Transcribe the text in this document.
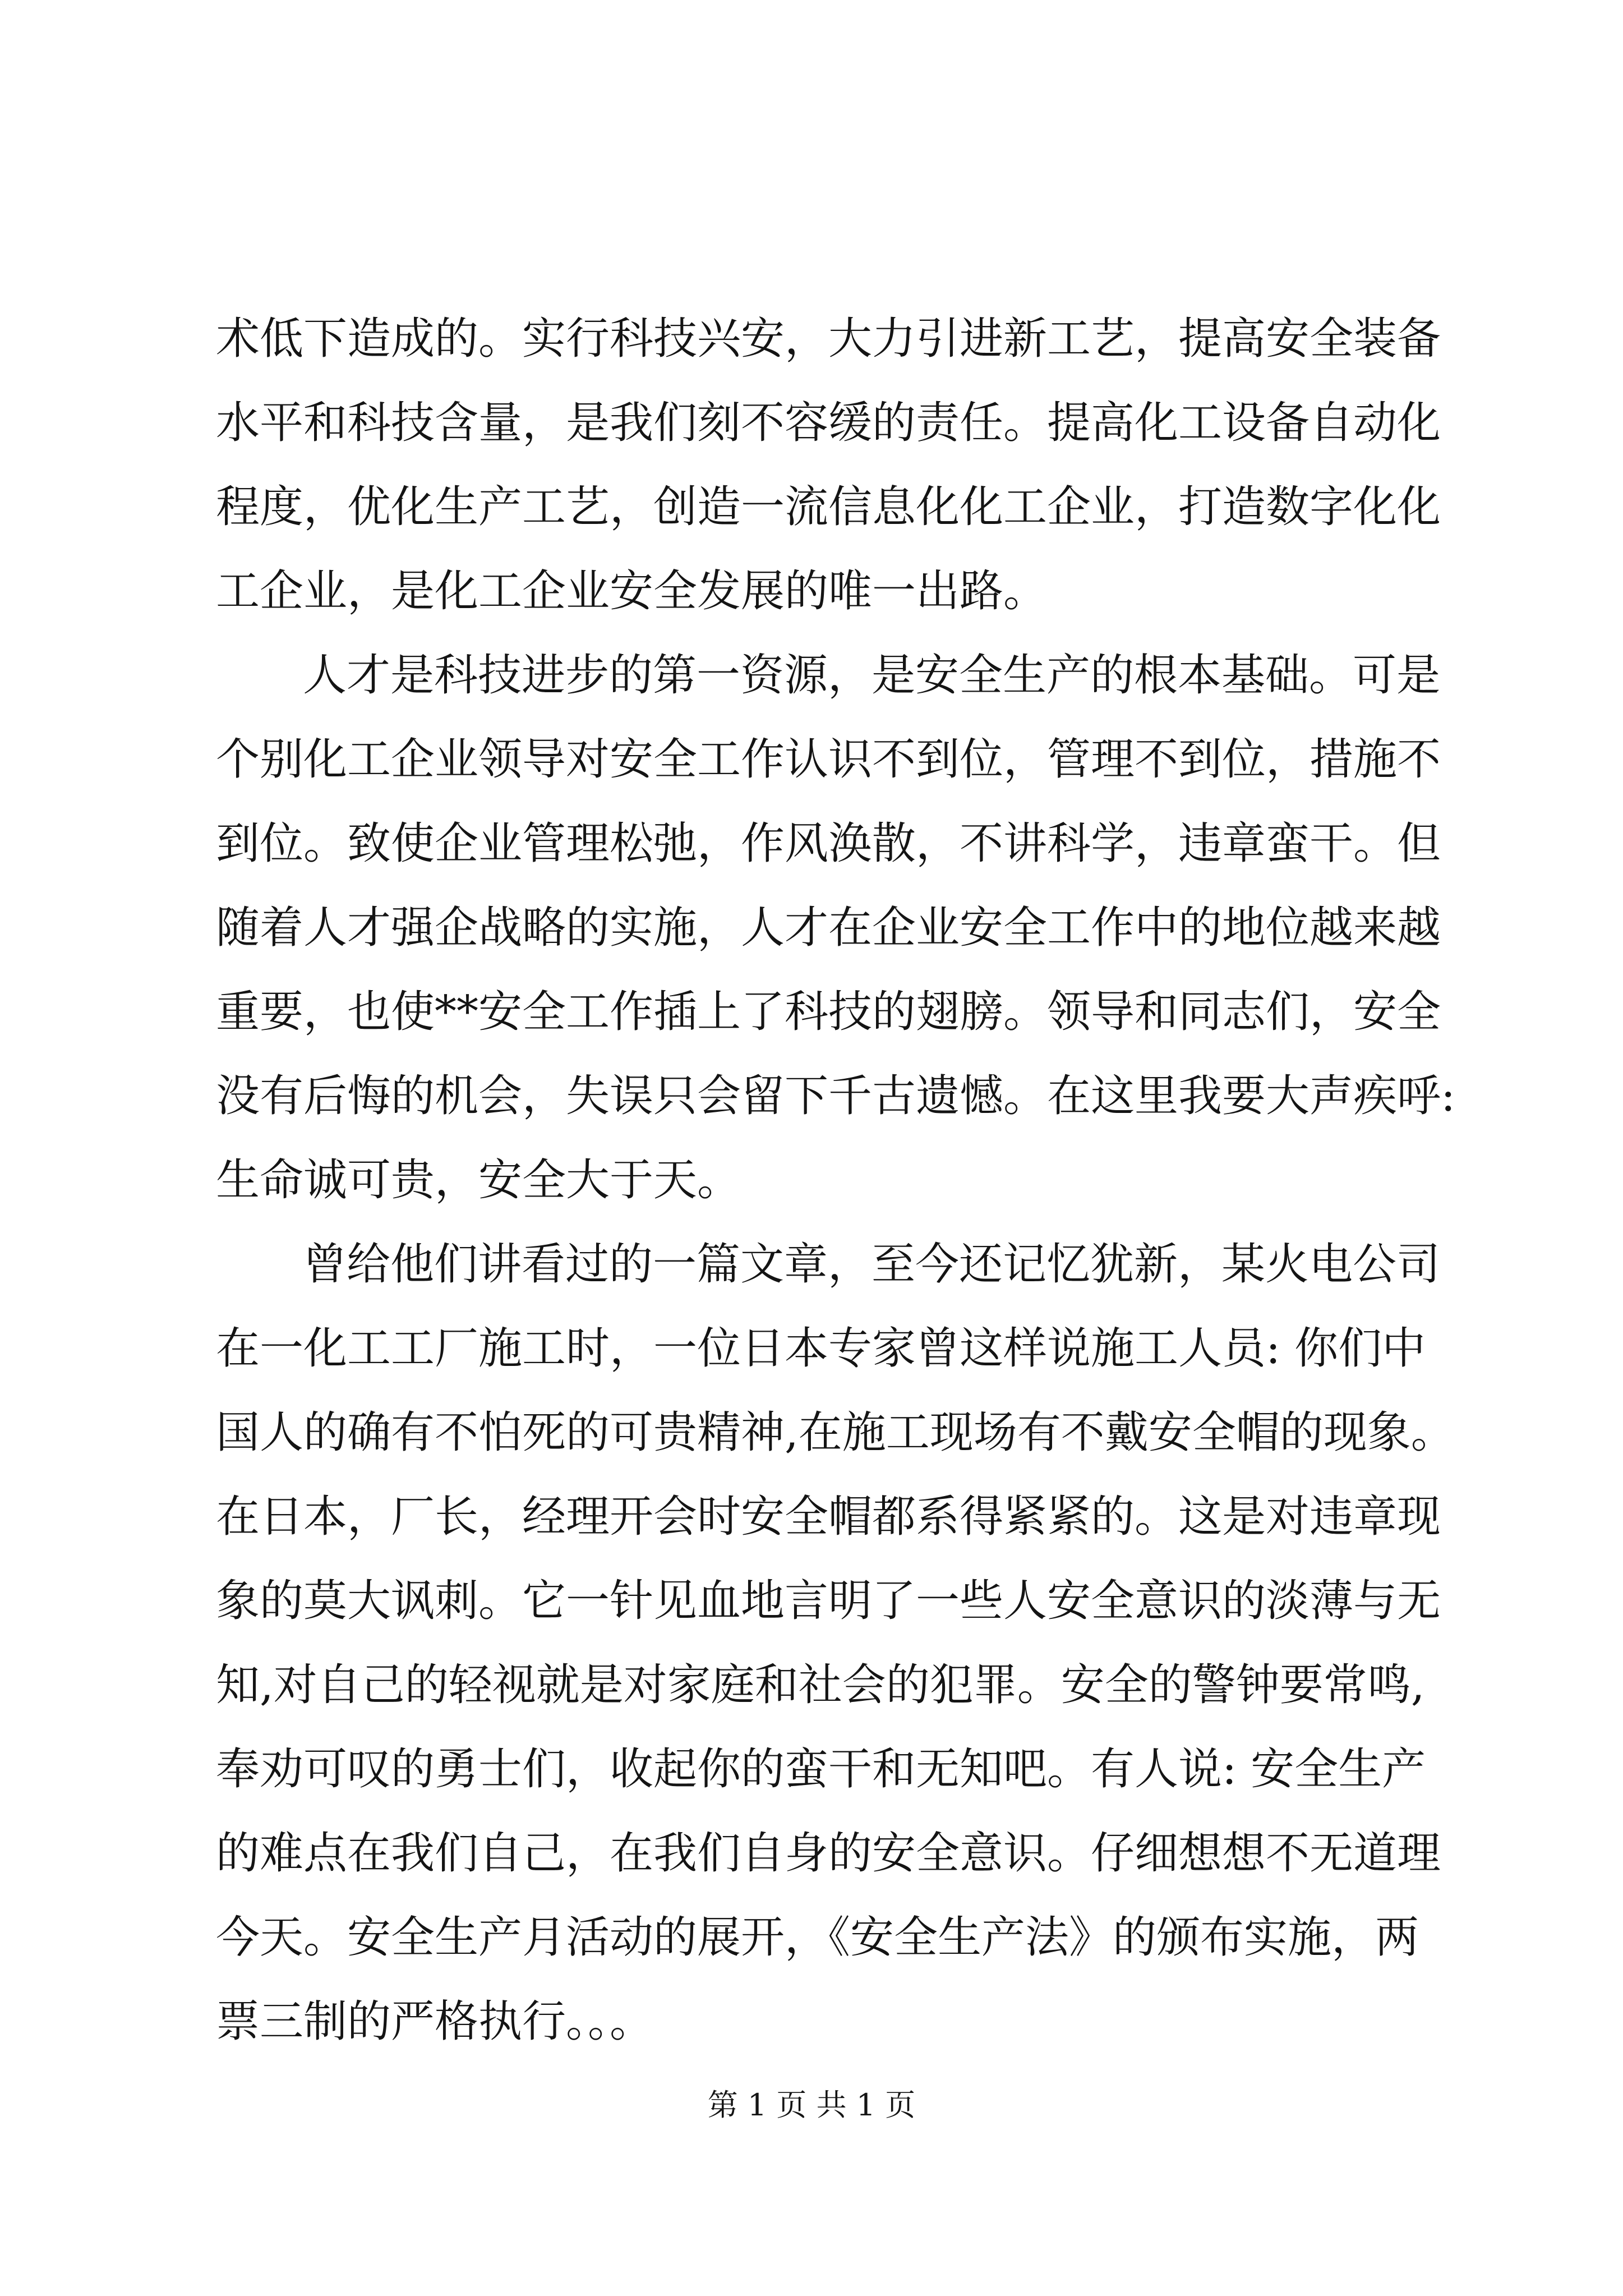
术低下造成的。实行科技兴安，大力引进新工艺，提高安全装备
水平和科技含量，是我们刻不容缓的责任。提高化工设备自动化
程度，优化生产工艺，创造一流信息化化工企业，打造数字化化
工企业，是化工企业安全发展的唯一出路。
人才是科技进步的第一资源，是安全生产的根本基础。可是
个别化工企业领导对安全工作认识不到位，管理不到位，措施不
到位。致使企业管理松弛，作风涣散，不讲科学，违章蛮干。但
随着人才强企战略的实施，人才在企业安全工作中的地位越来越
重要，也使**安全工作插上了科技的翅膀。领导和同志们，安全
没有后悔的机会，失误只会留下千古遗憾。在这里我要大声疾呼:
生命诚可贵，安全大于天。
曾给他们讲看过的一篇文章，至今还记忆犹新，某火电公司
在一化工工厂施工时，一位日本专家曾这样说施工人员: 你们中
国人的确有不怕死的可贵精神,在施工现场有不戴安全帽的现象。
在日本，厂长，经理开会时安全帽都系得紧紧的。这是对违章现
象的莫大讽刺。它一针见血地言明了一些人安全意识的淡薄与无
知,对自己的轻视就是对家庭和社会的犯罪。安全的警钟要常鸣,
奉劝可叹的勇士们，收起你的蛮干和无知吧。有人说: 安全生产
的难点在我们自己，在我们自身的安全意识。仔细想想不无道理
今天。安全生产月活动的展开，《安全生产法》的颁布实施，两
票三制的严格执行。。。
第 1 页 共 1 页
